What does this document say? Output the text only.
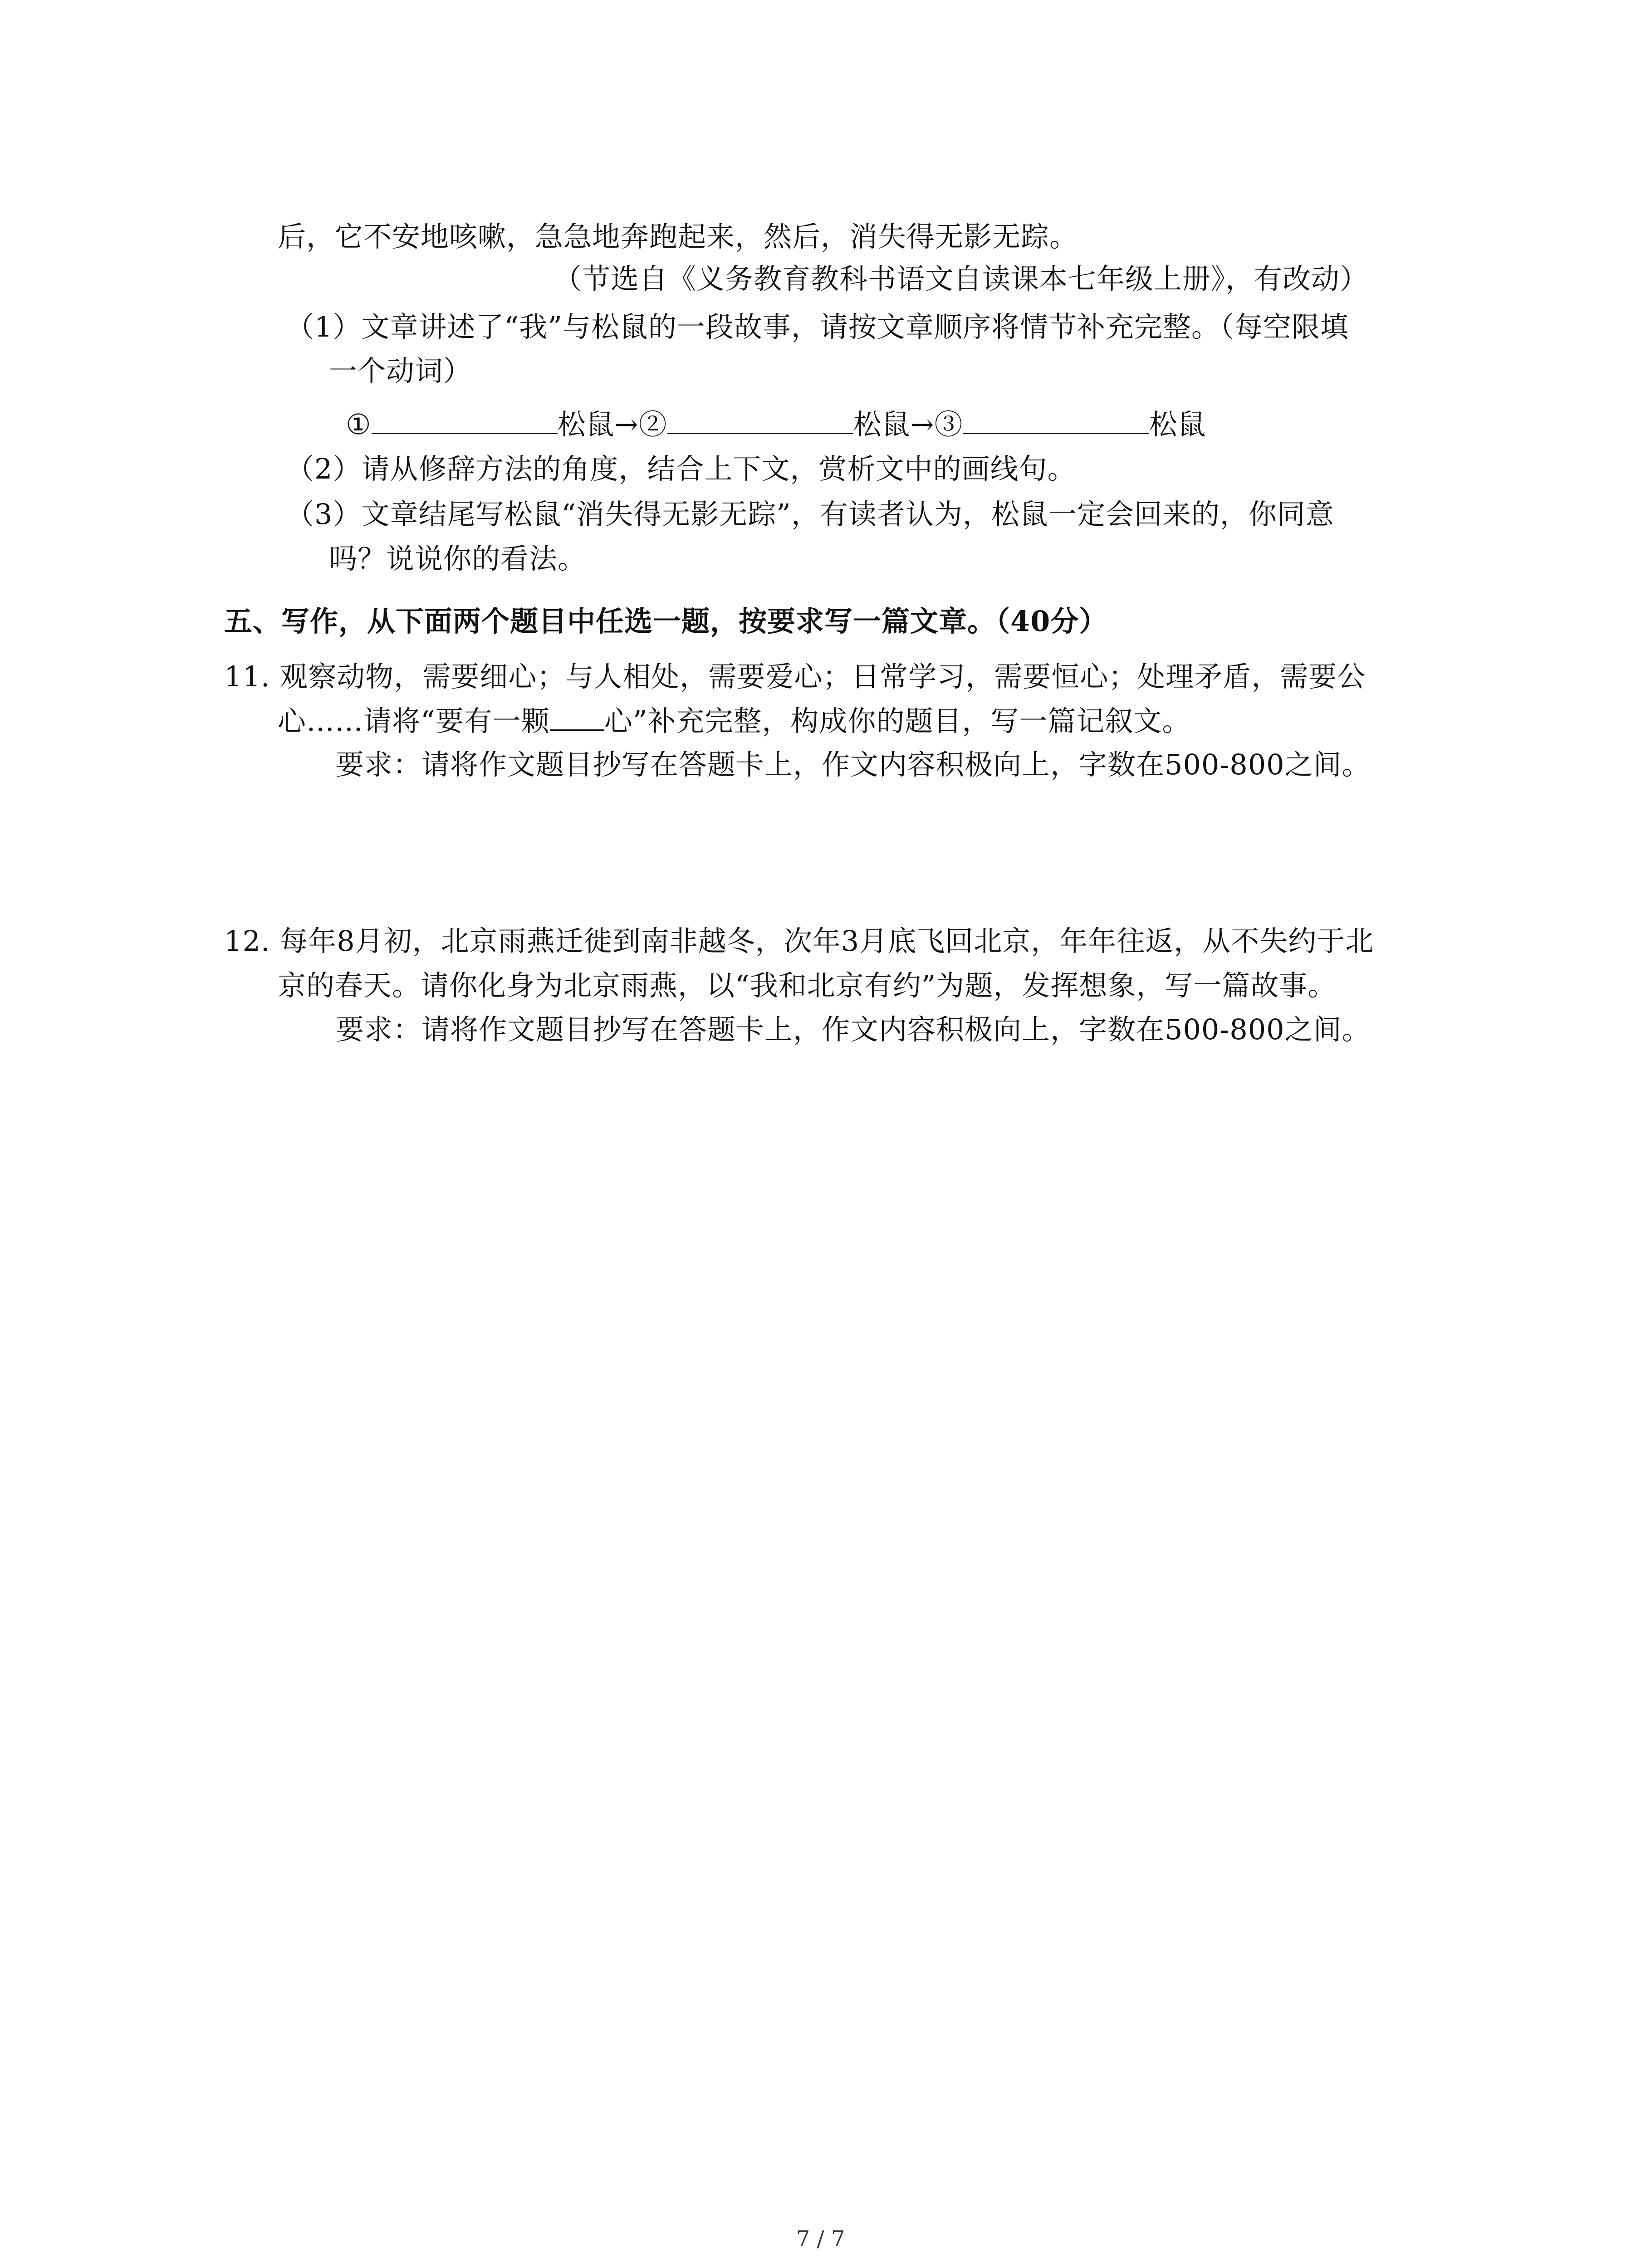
后，它不安地咳嗽，急急地奔跑起来，然后，消失得无影无踪。
（节选自《义务教育教科书语文自读课本七年级上册》，有改动）
（1）文章讲述了“我”与松鼠的一段故事，请按文章顺序将情节补充完整。（每空限填
一个动词）
①	松鼠→②	松鼠→③	松鼠
（2）请从修辞方法的角度，结合上下文，赏析文中的画线句。
（3）文章结尾写松鼠“消失得无影无踪”，有读者认为，松鼠一定会回来的，你同意
吗？说说你的看法。
五、写作，从下面两个题目中任选一题，按要求写一篇文章。（40分）
11. 观察动物，需要细心；与人相处，需要爱心；日常学习，需要恒心；处理矛盾，需要公
心……请将“要有一颗 心”补充完整，构成你的题目，写一篇记叙文。
要求：请将作文题目抄写在答题卡上，作文内容积极向上，字数在500-800之间。
12. 每年8月初，北京雨燕迁徙到南非越冬，次年3月底飞回北京，年年往返，从不失约于北
京的春天。请你化身为北京雨燕，以“我和北京有约”为题，发挥想象，写一篇故事。
要求：请将作文题目抄写在答题卡上，作文内容积极向上，字数在500-800之间。
7 / 7
